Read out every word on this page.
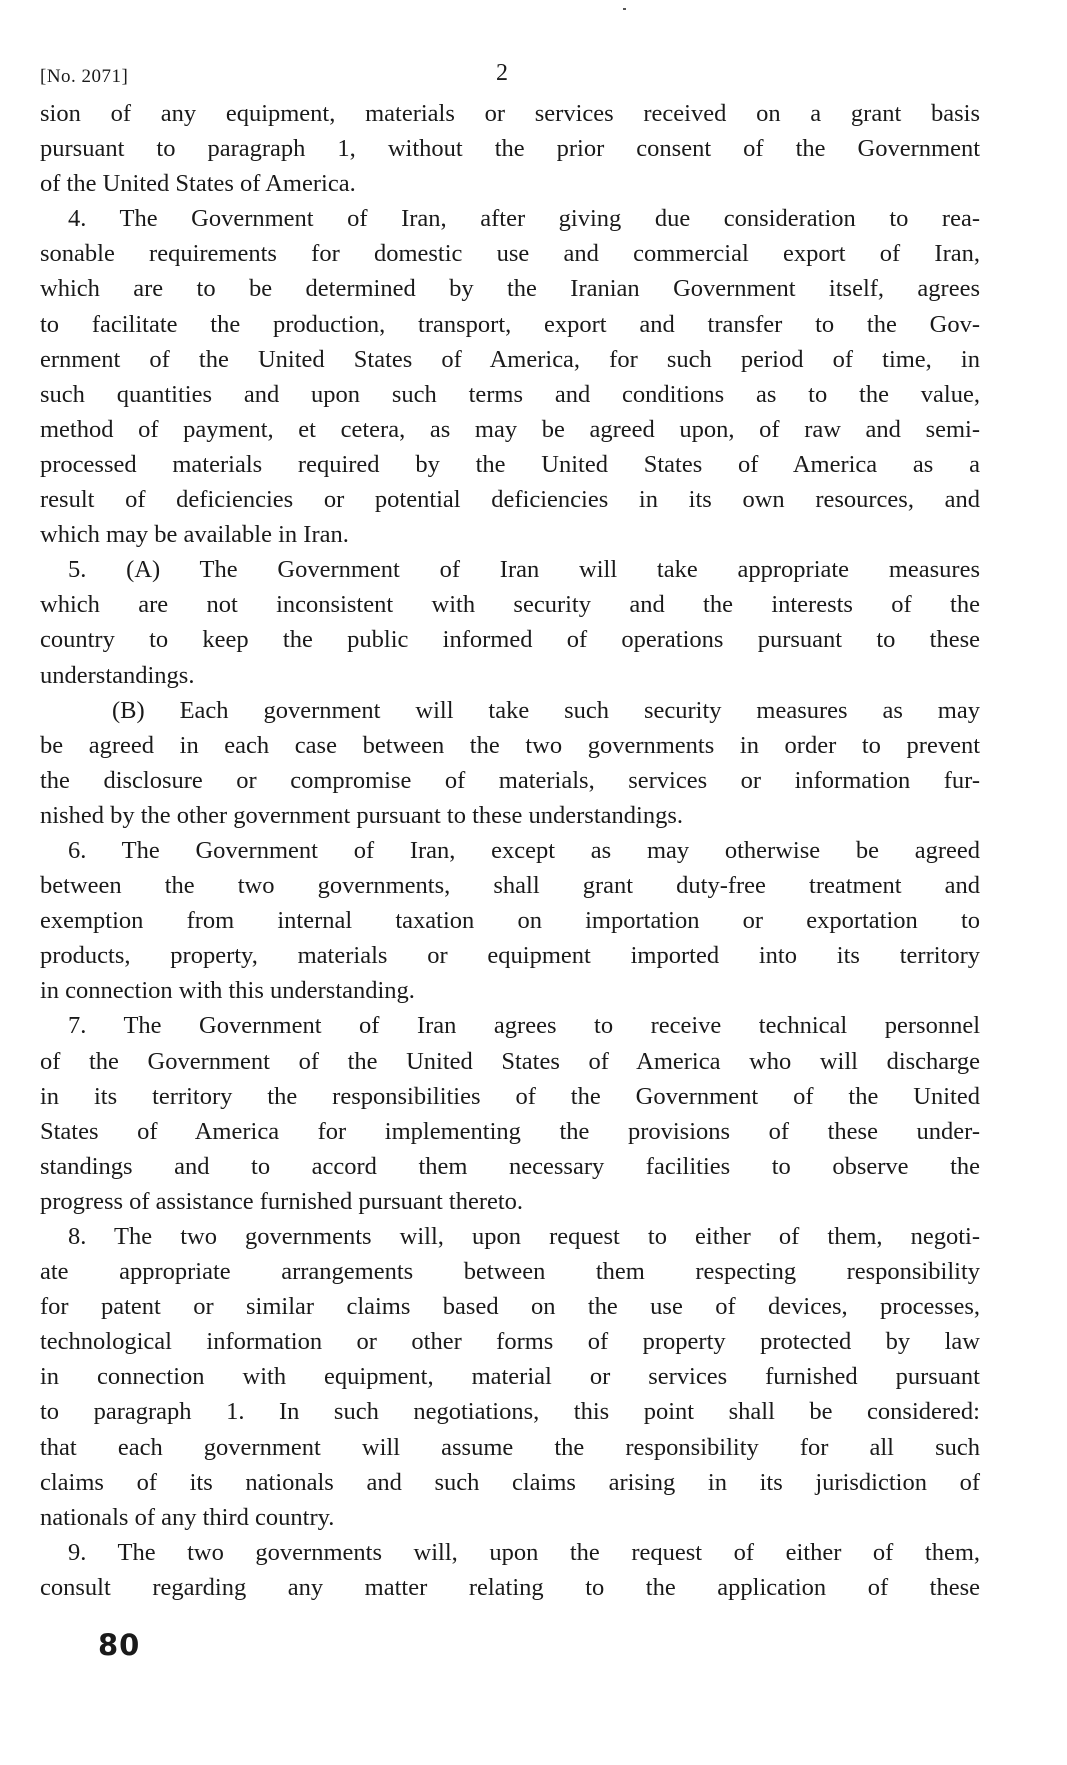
[No. 2071]	2
sion of any equipment, materials or services received on a grant basis
pursuant to paragraph 1, without the prior consent of the Government
of the United States of America.
4. The Government of Iran, after giving due consideration to rea-
sonable requirements for domestic use and commercial export of Iran,
which are to be determined by the Iranian Government itself, agrees
to facilitate the production, transport, export and transfer to the Gov-
ernment of the United States of America, for such period of time, in
such quantities and upon such terms and conditions as to the value,
method of payment, et cetera, as may be agreed upon, of raw and semi-
processed materials required by the United States of America as a
result of deficiencies or potential deficiencies in its own resources, and
which may be available in Iran.
5. (A) The Government of Iran will take appropriate measures
which are not inconsistent with security and the interests of the
country to keep the public informed of operations pursuant to these
understandings.
(B) Each government will take such security measures as may
be agreed in each case between the two governments in order to prevent
the disclosure or compromise of materials, services or information fur-
nished by the other government pursuant to these understandings.
6. The Government of Iran, except as may otherwise be agreed
between the two governments, shall grant duty-free treatment and
exemption from internal taxation on importation or exportation to
products, property, materials or equipment imported into its territory
in connection with this understanding.
7. The Government of Iran agrees to receive technical personnel
of the Government of the United States of America who will discharge
in its territory the responsibilities of the Government of the United
States of America for implementing the provisions of these under-
standings and to accord them necessary facilities to observe the
progress of assistance furnished pursuant thereto.
8. The two governments will, upon request to either of them, negoti-
ate appropriate arrangements between them respecting responsibility
for patent or similar claims based on the use of devices, processes,
technological information or other forms of property protected by law
in connection with equipment, material or services furnished pursuant
to paragraph 1. In such negotiations, this point shall be considered:
that each government will assume the responsibility for all such
claims of its nationals and such claims arising in its jurisdiction of
nationals of any third country.
9. The two governments will, upon the request of either of them,
consult regarding any matter relating to the application of these
80
